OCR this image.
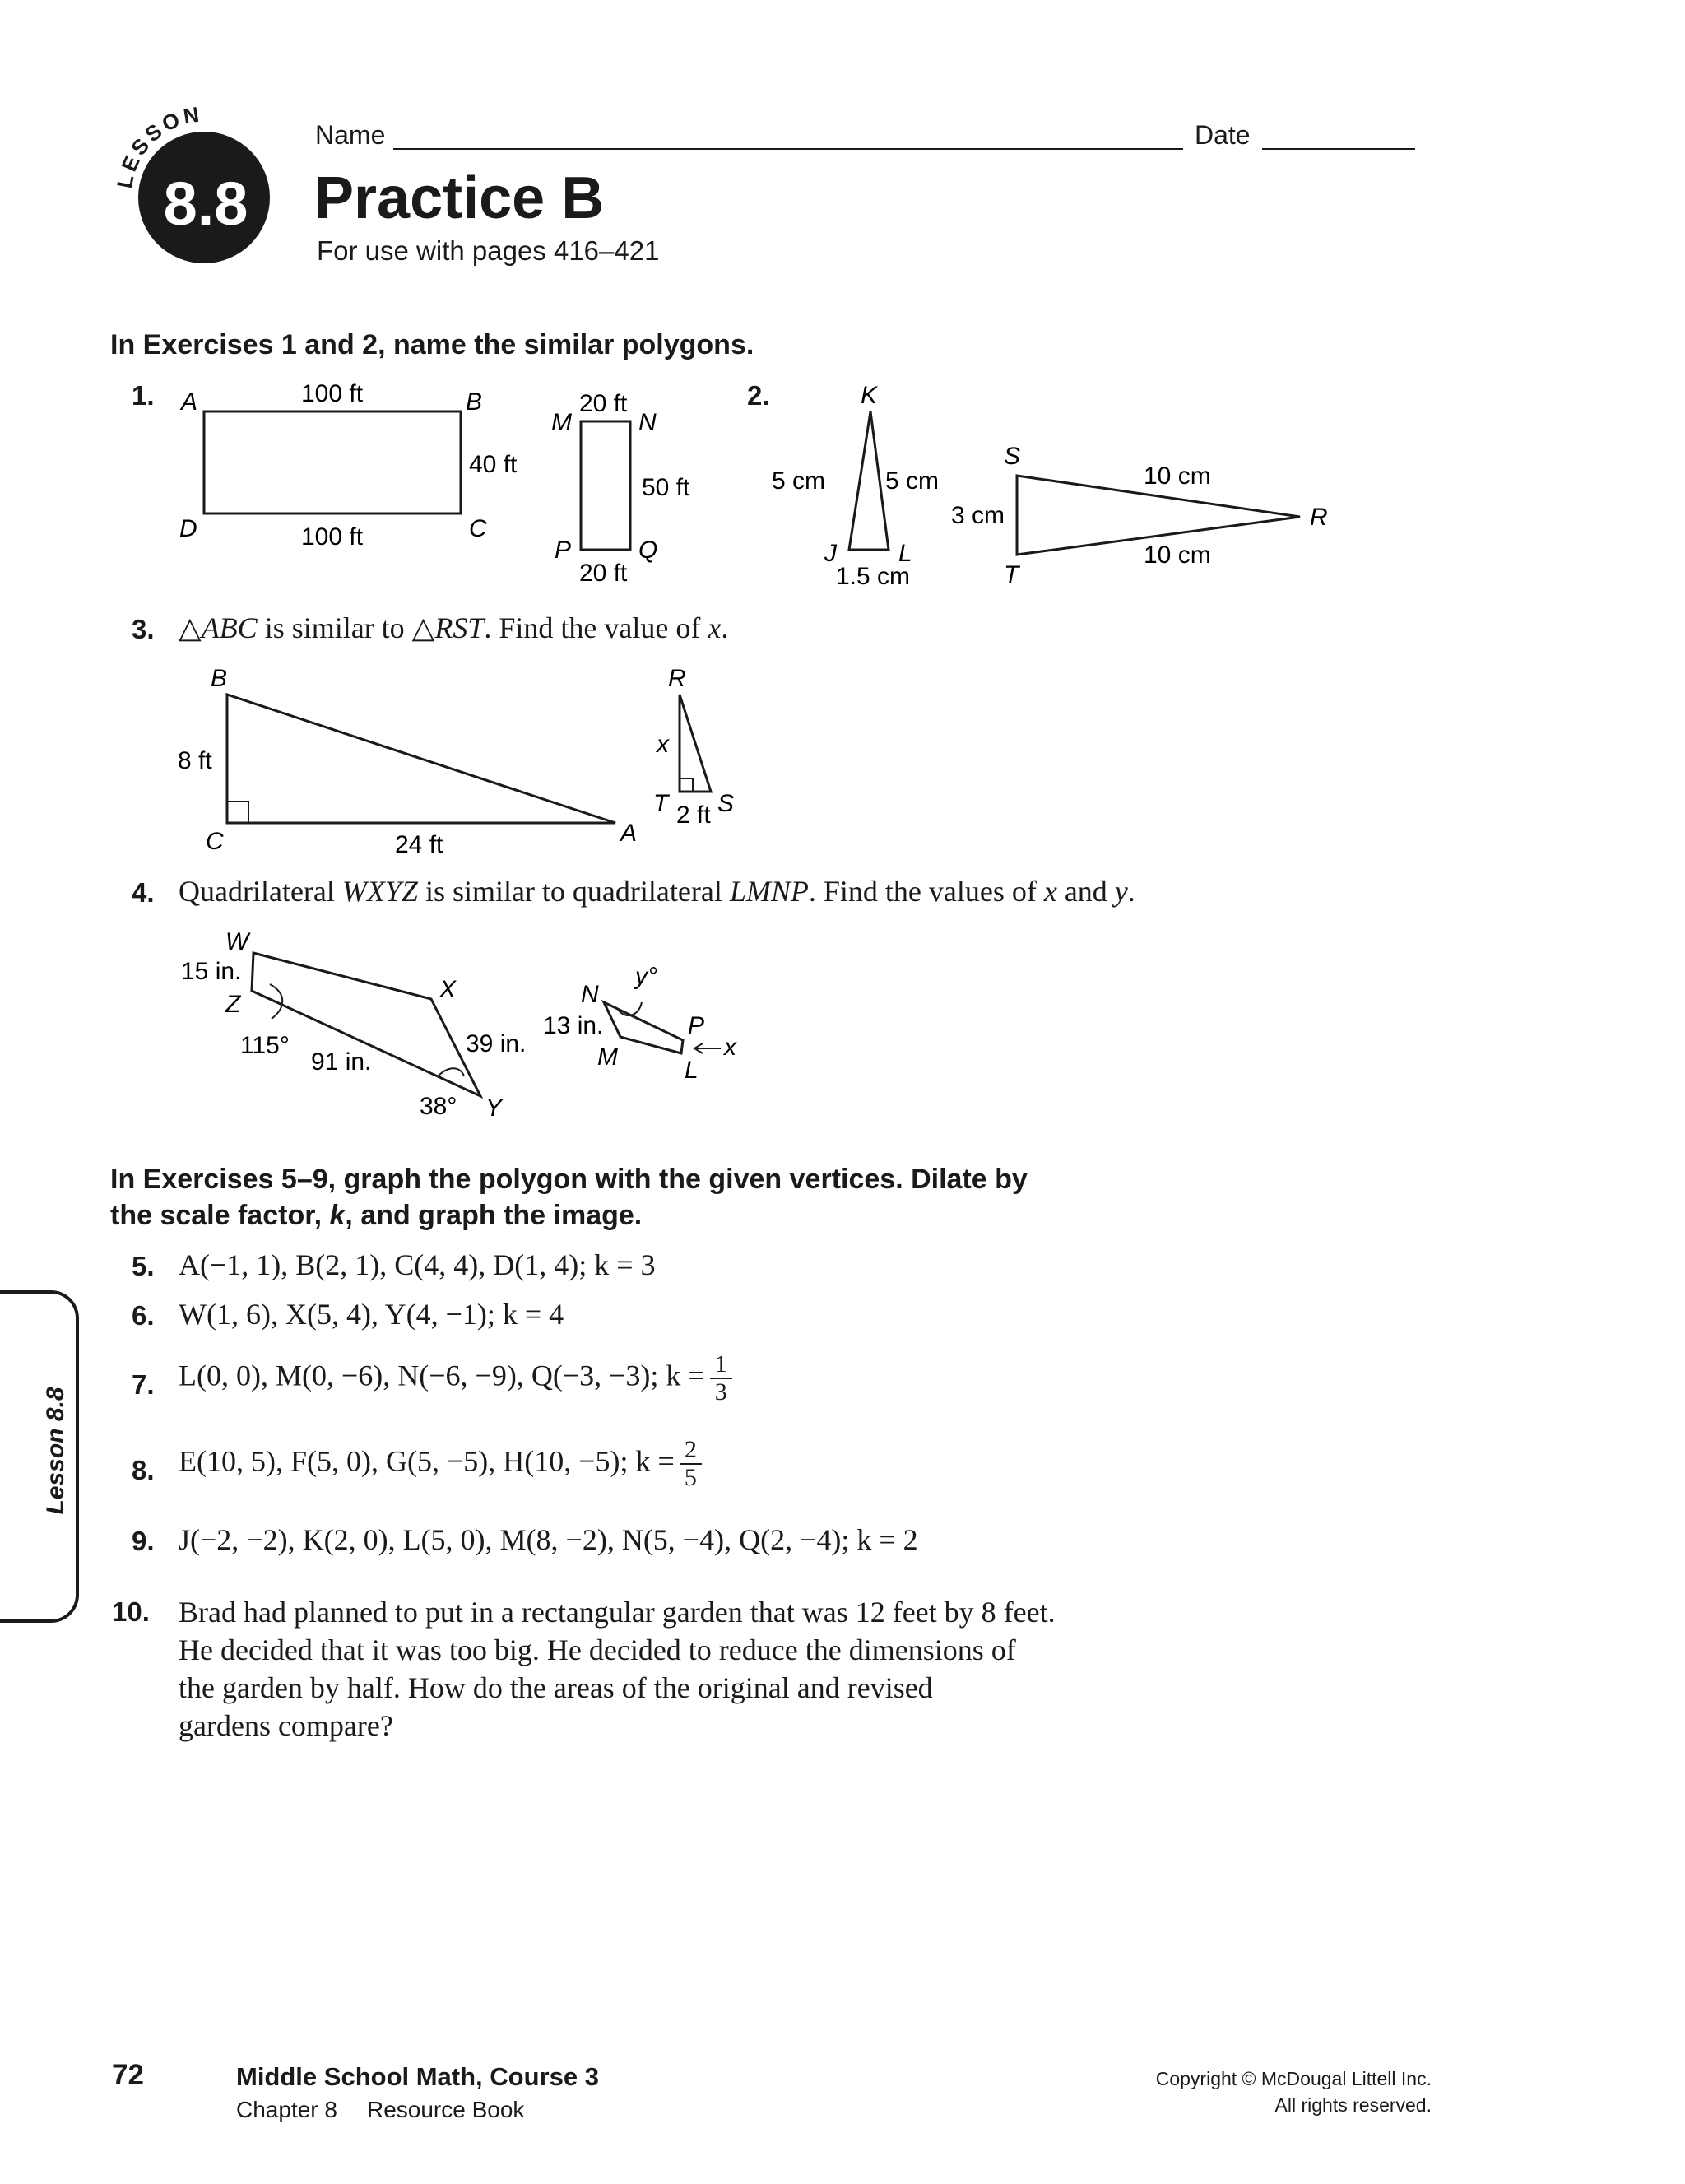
LESSON
8.8
Name	Date
Practice B
For use with pages 416–421
In Exercises 1 and 2, name the similar polygons.
1. A	B
C
D
100 ft
40 ft
100 ft
M	N
P	Q
20 ft
50 ft
20 ft
2.	K
J	L
5 cm 5 cm
1.5 cm
S
T
R
3 cm
10 cm
10 cm
3. △ABC is similar to △RST. Find the value of x.
B
C	A
8 ft
24 ft
R
T S
x
2 ft
4. Quadrilateral WXYZ is similar to quadrilateral LMNP. Find the values of x and y.
W
X
Y
Z
15 in.
91 in.
39 in.
115°
38°
N
M
P
L
13 in.
y°
x
In Exercises 5–9, graph the polygon with the given vertices. Dilate by
the scale factor, k, and graph the image.
5. A(−1, 1), B(2, 1), C(4, 4), D(1, 4); k = 3
6. W(1, 6), X(5, 4), Y(4, −1); k = 4
7. L(0, 0), M(0, −6), N(−6, −9), Q(−3, −3); $k = \frac{1}{3}$
8. E(10, 5), F(5, 0), G(5, −5), H(10, −5); $k = \frac{2}{5}$
9. J(−2, −2), K(2, 0), L(5, 0), M(8, −2), N(5, −4), Q(2, −4); k = 2
10. Brad had planned to put in a rectangular garden that was 12 feet by 8 feet.
He decided that it was too big. He decided to reduce the dimensions of
the garden by half. How do the areas of the original and revised
gardens compare?
Lesson 8.8
72	Middle School Math, Course 3
Chapter 8 Resource Book
Copyright © McDougal Littell Inc.
All rights reserved.
